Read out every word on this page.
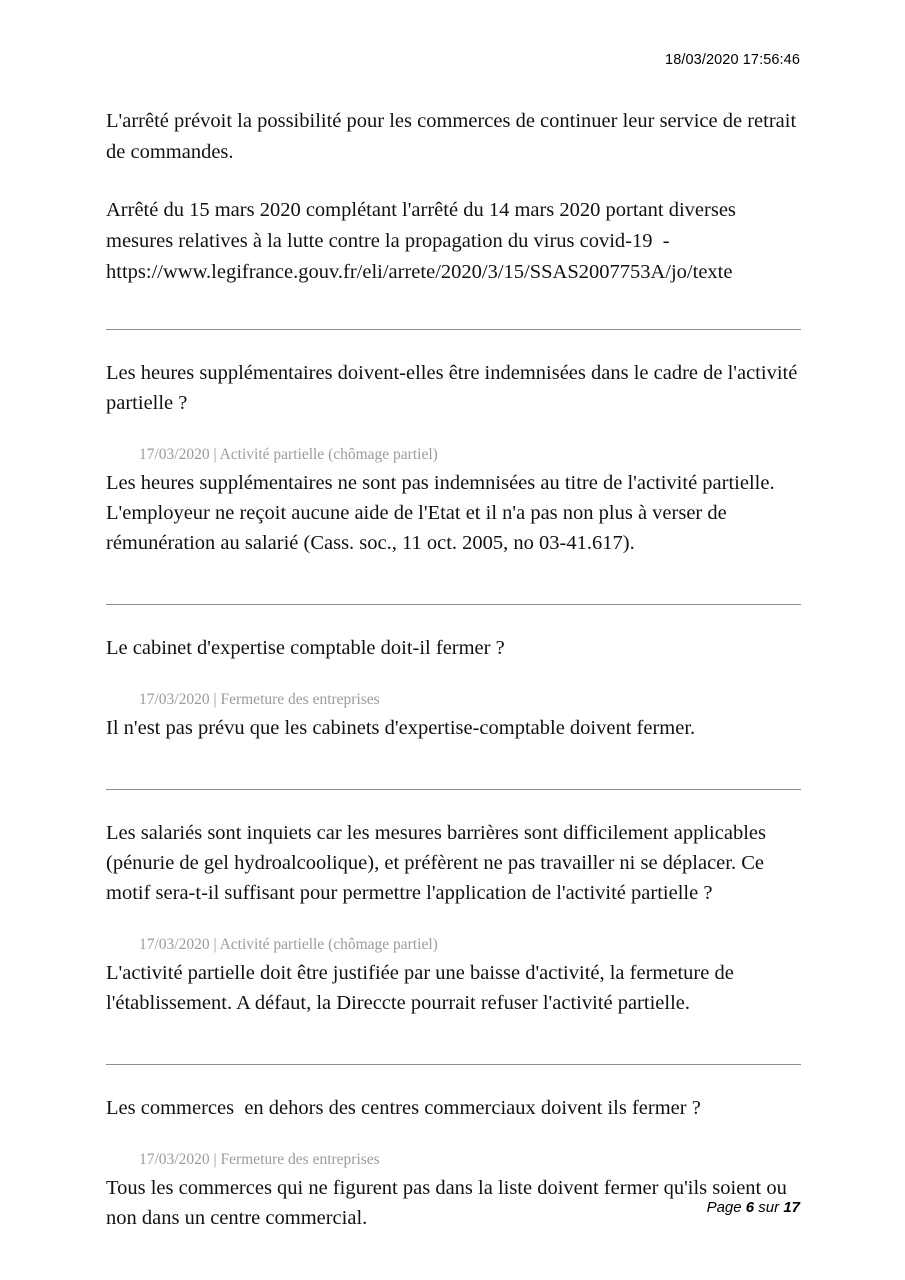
18/03/2020 17:56:46

L'arrêté prévoit la possibilité pour les commerces de continuer leur service de retrait de commandes.

Arrêté du 15 mars 2020 complétant l'arrêté du 14 mars 2020 portant diverses mesures relatives à la lutte contre la propagation du virus covid-19  - https://www.legifrance.gouv.fr/eli/arrete/2020/3/15/SSAS2007753A/jo/texte

Les heures supplémentaires doivent-elles être indemnisées dans le cadre de l'activité partielle ?

17/03/2020 | Activité partielle (chômage partiel)

Les heures supplémentaires ne sont pas indemnisées au titre de l'activité partielle. L'employeur ne reçoit aucune aide de l'Etat et il n'a pas non plus à verser de rémunération au salarié (Cass. soc., 11 oct. 2005, no 03-41.617).

Le cabinet d'expertise comptable doit-il fermer ?

17/03/2020 | Fermeture des entreprises

Il n'est pas prévu que les cabinets d'expertise-comptable doivent fermer.

Les salariés sont inquiets car les mesures barrières sont difficilement applicables (pénurie de gel hydroalcoolique), et préfèrent ne pas travailler ni se déplacer. Ce motif sera-t-il suffisant pour permettre l'application de l'activité partielle ?

17/03/2020 | Activité partielle (chômage partiel)

L'activité partielle doit être justifiée par une baisse d'activité, la fermeture de l'établissement. A défaut, la Direccte pourrait refuser l'activité partielle.

Les commerces  en dehors des centres commerciaux doivent ils fermer ?

17/03/2020 | Fermeture des entreprises

Tous les commerces qui ne figurent pas dans la liste doivent fermer qu'ils soient ou non dans un centre commercial.	Page 6 sur 17
